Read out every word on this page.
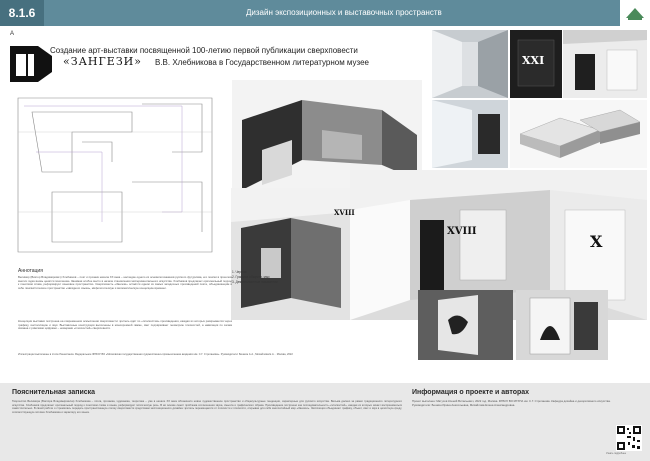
8.1.6	Дизайн экспозиционных и выставочных пространств
A
Создание арт-выставки посвященной 100-летию первой публикации сверхповести
«ЗАНГЕЗИ» В.В. Хлебникова в Государственном литературном музее	XXI
XVIII
X
XVIII
1. Черная
2. Графика обществ. мыс
3. Деятельностные показатели
Аннотация
Велимир (Виктор Владимирович) Хлебников – поэт и прозаик начала XX века – наследие одного из основоположников русского футуризма, его поиски в прошлом многих годах вновь ценятся поколению. Занимая особое место в начале становления экспериментального искусства. Хлебников предлагает оригинальный подход к понятиям слова, реформирует языковое пространство. Сверхповесть «Зангези» остаётся одним из самых загадочных произведений поэта, объединяющим в себе лингвистическое пространство «звёздного языка», мифологическую и математическую концепцию времени.
Концепция выставки построена на современном осмыслении сверхповести: зритель идёт по «плоскостям» произведения, каждая из которых раскрывается через графику, инсталляцию и звук. Выставочные конструкции выполнены в монохромной гамме, свет подчёркивает геометрию плоскостей, а навигация по залам связана с римскими цифрами – номерами «плоскостей» сверхповести.
Иллюстрации выполнены в стиле Ренессанса. Федеральное ФГБОУ ВО «Московская государственная художественно-промышленная академия им. С.Г. Строганова». Руководители: Бешкин А.А., Михайлова Е.А. · Москва, 2022
Пояснительная записка
Творчество Велимира (Виктора Владимировича) Хлебникова – поэта, прозаика, художника, теоретика – уже в начале XX века обозначило новое художественное пространство и общекультурные тенденции, характерные для русского искусства. Весьма далеко за рамки традиционного литературного искусства. Хлебников предлагает оригинальный подход к понятиям слова и языка, реформирует поэтическую речь. В её основе лежит проблема соотношения звука, смысла и графического образа. Произведение построено как последовательность «плоскостей», каждая из которых может восприниматься самостоятельно. В своей работе я стремилась передать пространственную логику сверхповести средствами экспозиционного дизайна: зритель перемещается от плоскости к плоскости, открывая для себя многослойный мир «Зангези». Экспозиция объединяет графику, объект, свет и звук в целостную среду, соответствующую поэтике Хлебникова и характеру его языка.
Информация о проекте и авторах
Проект выполнен: Матусов Ксений Витальевич, 2022 год. Москва. ФГБОУ ВО МГХПА им. С.Г. Строганова. Кафедра дизайна и декоративного искусства. Руководители: Бешкин Ирина Анатольевна, Михайлова Елена Александровна.
Узнать подробнее
